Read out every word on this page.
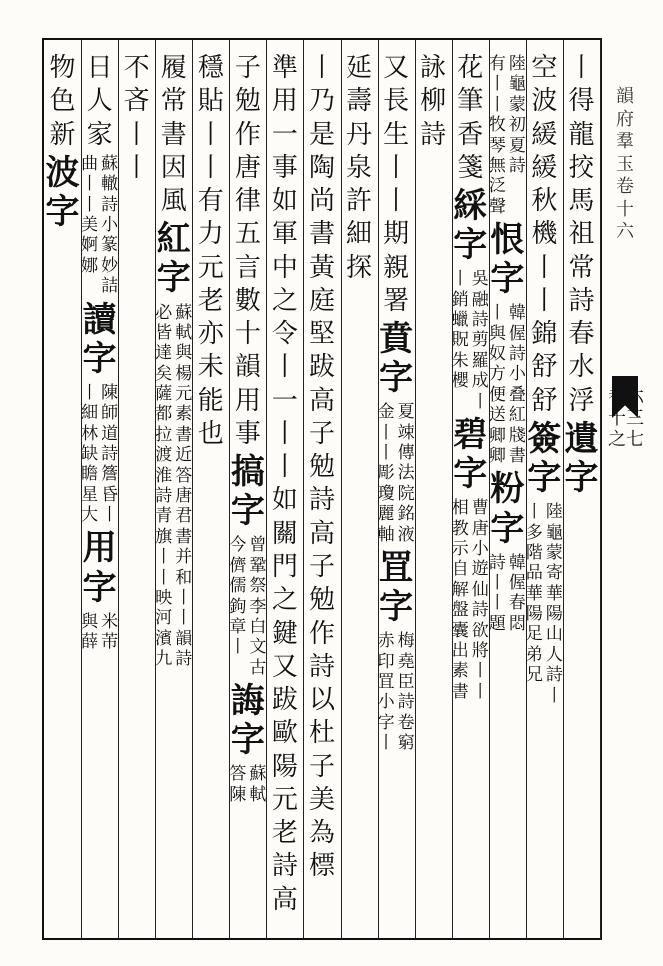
丨得龍挍馬祖常詩春水浮
遺字
空波緩緩秋機丨丨錦舒舒
簽字
陸龜蒙寄華陽山人詩丨
丨多階品華陽足弟兄
陸龜蒙初夏詩
有丨丨牧琴無泛聲
恨字
韓偓詩小叠紅牋書
丨與奴方便送卿卿
粉字
韓偓春悶
詩丨丨題
花筆香箋
綵字
吳融詩剪羅成丨
丨銷蠟貺朱櫻
碧字
曹唐小遊仙詩欲將丨丨
相教示自解盤囊出素書
詠柳詩
又長生丨丨期親署
賁字
夏竦傳法院銘液
金丨丨彫瓊麗軸
罝字
梅堯臣詩卷窮
赤印罝小字丨
延壽丹泉許細探
丨乃是陶尚書黃庭堅跋高子勉詩高子勉作詩以杜子美為標
準用一事如軍中之令丨一丨丨如關門之鍵又跋歐陽元老詩高
子勉作唐律五言數十韻用事
搞字
曾鞏祭李白文古
今儕儒鉤章丨
誨字
蘇軾
答陳
穩貼丨丨有力元老亦未能也
履常書因風
紅字
蘇軾與楊元素書近答唐君書并和丨丨韻詩
必皆達矣薩都拉渡淮詩青旗丨丨映河濱九
不吝丨丨
日人家
蘇轍詩小篆妙詰
曲丨丨美婀娜
讀字
陳師道詩簷昏丨
丨細林缺瞻星大
用字
米芾
與薛
物色新
波字
韻府羣玉卷十六
卷六十三之七
